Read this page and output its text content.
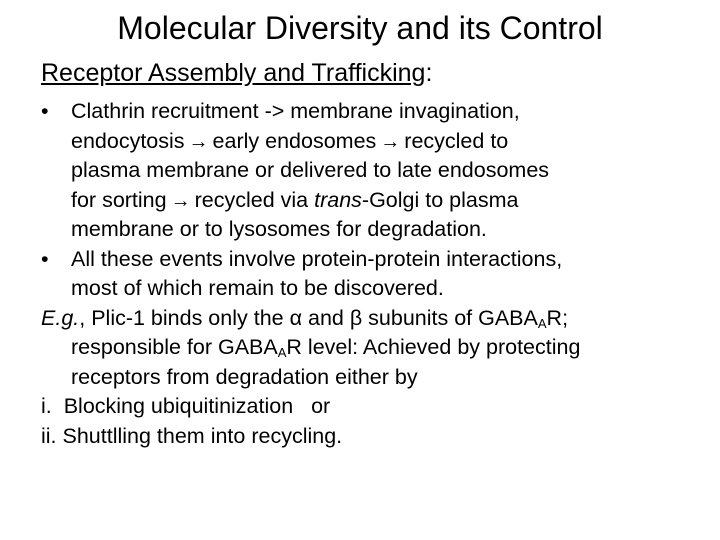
Molecular Diversity and its Control
Receptor Assembly and Trafficking:
• Clathrin recruitment -> membrane invagination,
endocytosis → early endosomes → recycled to
plasma membrane or delivered to late endosomes
for sorting → recycled via trans-Golgi to plasma
membrane or to lysosomes for degradation.
• All these events involve protein-protein interactions,
most of which remain to be discovered.
E.g., Plic-1 binds only the α and β subunits of $GABA_AR$;
responsible for $GABA_AR$ level: Achieved by protecting
receptors from degradation either by
i.  Blocking ubiquitinization   or
ii. Shuttlling them into recycling.
